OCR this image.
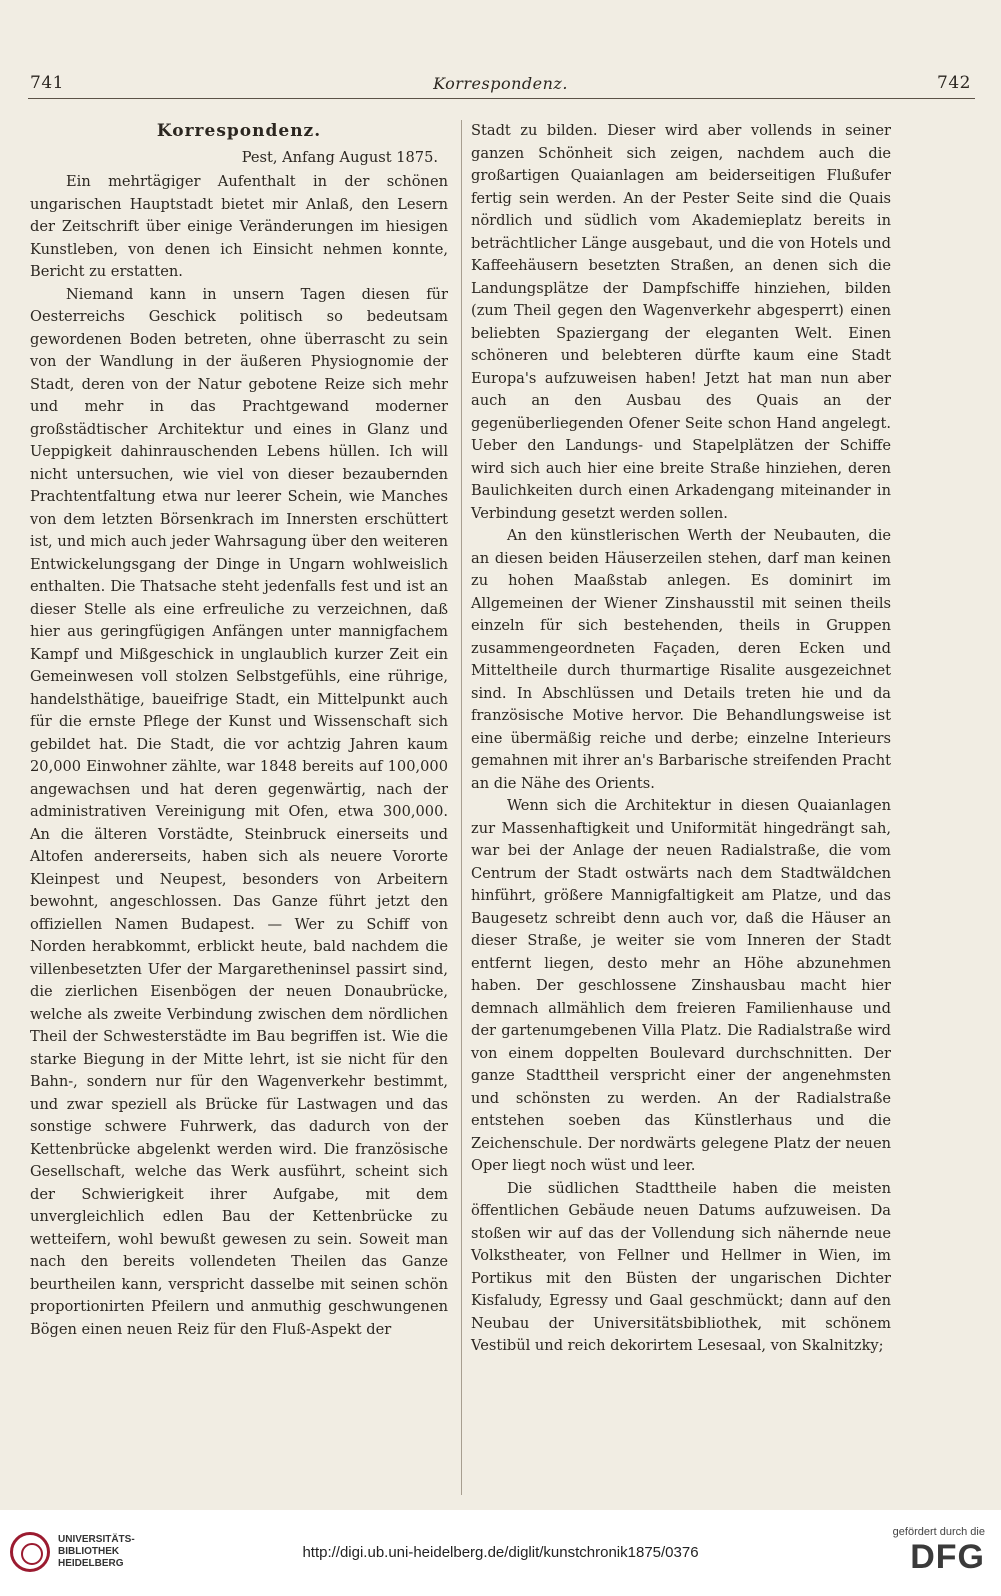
741	Korrespondenz.	742
Korrespondenz.
Pest, Anfang August 1875.

Ein mehrtägiger Aufenthalt in der schönen ungarischen Hauptstadt bietet mir Anlaß, den Lesern der Zeitschrift über einige Veränderungen im hiesigen Kunstleben, von denen ich Einsicht nehmen konnte, Bericht zu erstatten.

Niemand kann in unsern Tagen diesen für Oesterreichs Geschick politisch so bedeutsam gewordenen Boden betreten, ohne überrascht zu sein von der Wandlung in der äußeren Physiognomie der Stadt, deren von der Natur gebotene Reize sich mehr und mehr in das Prachtgewand moderner großstädtischer Architektur und eines in Glanz und Ueppigkeit dahinrauschenden Lebens hüllen. Ich will nicht untersuchen, wie viel von dieser bezaubernden Prachtentfaltung etwa nur leerer Schein, wie Manches von dem letzten Börsenkrach im Innersten erschüttert ist, und mich auch jeder Wahrsagung über den weiteren Entwickelungsgang der Dinge in Ungarn wohlweislich enthalten. Die Thatsache steht jedenfalls fest und ist an dieser Stelle als eine erfreuliche zu verzeichnen, daß hier aus geringfügigen Anfängen unter mannigfachem Kampf und Mißgeschick in unglaublich kurzer Zeit ein Gemeinwesen voll stolzen Selbstgefühls, eine rührige, handelsthätige, baueifrige Stadt, ein Mittelpunkt auch für die ernste Pflege der Kunst und Wissenschaft sich gebildet hat. Die Stadt, die vor achtzig Jahren kaum 20,000 Einwohner zählte, war 1848 bereits auf 100,000 angewachsen und hat deren gegenwärtig, nach der administrativen Vereinigung mit Ofen, etwa 300,000. An die älteren Vorstädte, Steinbruck einerseits und Altofen andererseits, haben sich als neuere Vororte Kleinpest und Neupest, besonders von Arbeitern bewohnt, angeschlossen. Das Ganze führt jetzt den offiziellen Namen Budapest. — Wer zu Schiff von Norden herabkommt, erblickt heute, bald nachdem die villenbesetzten Ufer der Margaretheninsel passirt sind, die zierlichen Eisenbögen der neuen Donaubrücke, welche als zweite Verbindung zwischen dem nördlichen Theil der Schwesterstädte im Bau begriffen ist. Wie die starke Biegung in der Mitte lehrt, ist sie nicht für den Bahn-, sondern nur für den Wagenverkehr bestimmt, und zwar speziell als Brücke für Lastwagen und das sonstige schwere Fuhrwerk, das dadurch von der Kettenbrücke abgelenkt werden wird. Die französische Gesellschaft, welche das Werk ausführt, scheint sich der Schwierigkeit ihrer Aufgabe, mit dem unvergleichlich edlen Bau der Kettenbrücke zu wetteifern, wohl bewußt gewesen zu sein. Soweit man nach den bereits vollendeten Theilen das Ganze beurtheilen kann, verspricht dasselbe mit seinen schön proportionirten Pfeilern und anmuthig geschwungenen Bögen einen neuen Reiz für den Fluß-Aspekt der

Stadt zu bilden. Dieser wird aber vollends in seiner ganzen Schönheit sich zeigen, nachdem auch die großartigen Quaianlagen am beiderseitigen Flußufer fertig sein werden. An der Pester Seite sind die Quais nördlich und südlich vom Akademieplatz bereits in beträchtlicher Länge ausgebaut, und die von Hotels und Kaffeehäusern besetzten Straßen, an denen sich die Landungsplätze der Dampfschiffe hinziehen, bilden (zum Theil gegen den Wagenverkehr abgesperrt) einen beliebten Spaziergang der eleganten Welt. Einen schöneren und belebteren dürfte kaum eine Stadt Europa's aufzuweisen haben! Jetzt hat man nun aber auch an den Ausbau des Quais an der gegenüberliegenden Ofener Seite schon Hand angelegt. Ueber den Landungs- und Stapelplätzen der Schiffe wird sich auch hier eine breite Straße hinziehen, deren Baulichkeiten durch einen Arkadengang miteinander in Verbindung gesetzt werden sollen.

An den künstlerischen Werth der Neubauten, die an diesen beiden Häuserzeilen stehen, darf man keinen zu hohen Maaßstab anlegen. Es dominirt im Allgemeinen der Wiener Zinshausstil mit seinen theils einzeln für sich bestehenden, theils in Gruppen zusammengeordneten Façaden, deren Ecken und Mitteltheile durch thurmartige Risalite ausgezeichnet sind. In Abschlüssen und Details treten hie und da französische Motive hervor. Die Behandlungsweise ist eine übermäßig reiche und derbe; einzelne Interieurs gemahnen mit ihrer an's Barbarische streifenden Pracht an die Nähe des Orients.

Wenn sich die Architektur in diesen Quaianlagen zur Massenhaftigkeit und Uniformität hingedrängt sah, war bei der Anlage der neuen Radialstraße, die vom Centrum der Stadt ostwärts nach dem Stadtwäldchen hinführt, größere Mannigfaltigkeit am Platze, und das Baugesetz schreibt denn auch vor, daß die Häuser an dieser Straße, je weiter sie vom Inneren der Stadt entfernt liegen, desto mehr an Höhe abzunehmen haben. Der geschlossene Zinshausbau macht hier demnach allmählich dem freieren Familienhause und der gartenumgebenen Villa Platz. Die Radialstraße wird von einem doppelten Boulevard durchschnitten. Der ganze Stadttheil verspricht einer der angenehmsten und schönsten zu werden. An der Radialstraße entstehen soeben das Künstlerhaus und die Zeichenschule. Der nordwärts gelegene Platz der neuen Oper liegt noch wüst und leer.

Die südlichen Stadttheile haben die meisten öffentlichen Gebäude neuen Datums aufzuweisen. Da stoßen wir auf das der Vollendung sich nähernde neue Volkstheater, von Fellner und Hellmer in Wien, im Portikus mit den Büsten der ungarischen Dichter Kisfaludy, Egressy und Gaal geschmückt; dann auf den Neubau der Universitätsbibliothek, mit schönem Vestibül und reich dekorirtem Lesesaal, von Skalnitzky;

UNIVERSITÄTS-
BIBLIOTHEK
HEIDELBERG
http://digi.ub.uni-heidelberg.de/diglit/kunstchronik1875/0376
gefördert durch die
DFG
